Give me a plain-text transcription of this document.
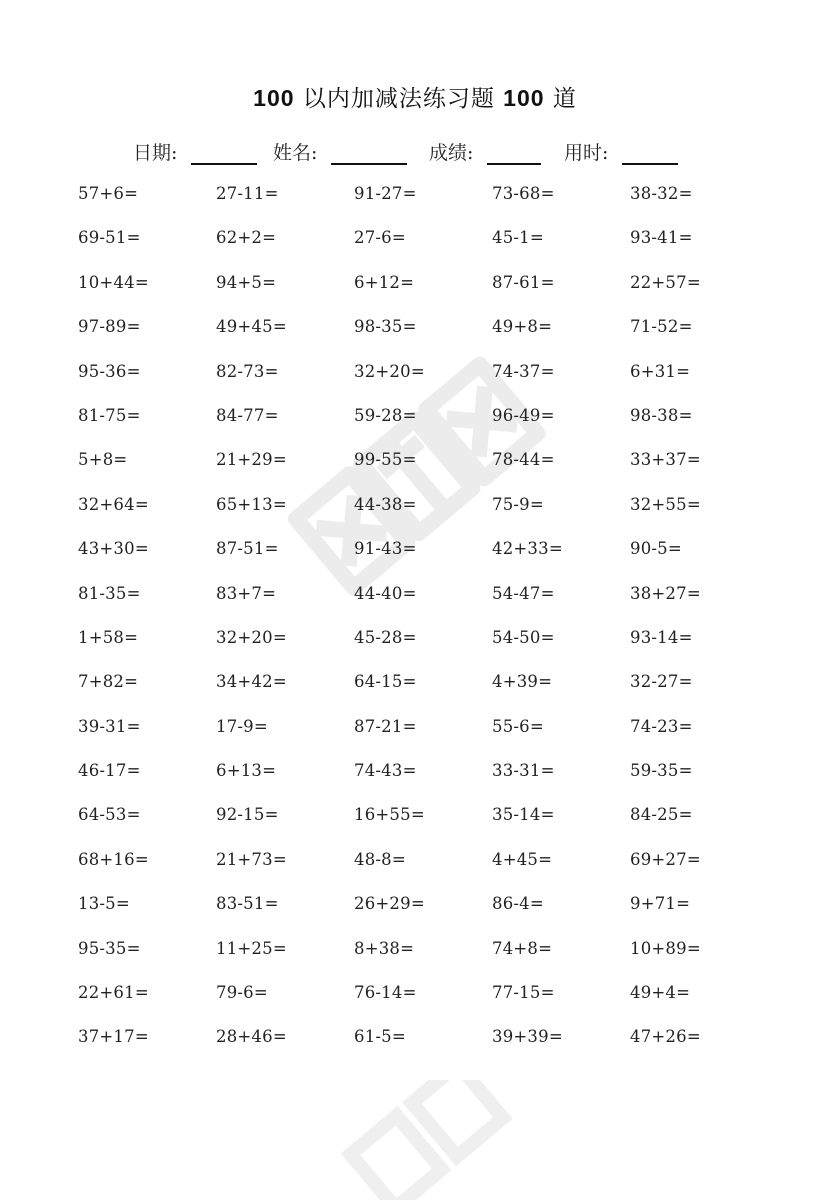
100 以内加减法练习题 100 道
日期:	姓名:	成绩:	用时:
57+6=	27-11=	91-27=	73-68=	38-32=
69-51=	62+2=	27-6=	45-1=	93-41=
10+44=	94+5=	6+12=	87-61=	22+57=
97-89=	49+45=	98-35=	49+8=	71-52=
95-36=	82-73=	32+20=	74-37=	6+31=
81-75=	84-77=	59-28=	96-49=	98-38=
5+8=	21+29=	99-55=	78-44=	33+37=
32+64=	65+13=	44-38=	75-9=	32+55=
43+30=	87-51=	91-43=	42+33=	90-5=
81-35=	83+7=	44-40=	54-47=	38+27=
1+58=	32+20=	45-28=	54-50=	93-14=
7+82=	34+42=	64-15=	4+39=	32-27=
39-31=	17-9=	87-21=	55-6=	74-23=
46-17=	6+13=	74-43=	33-31=	59-35=
64-53=	92-15=	16+55=	35-14=	84-25=
68+16=	21+73=	48-8=	4+45=	69+27=
13-5=	83-51=	26+29=	86-4=	9+71=
95-35=	11+25=	8+38=	74+8=	10+89=
22+61=	79-6=	76-14=	77-15=	49+4=
37+17=	28+46=	61-5=	39+39=	47+26=
